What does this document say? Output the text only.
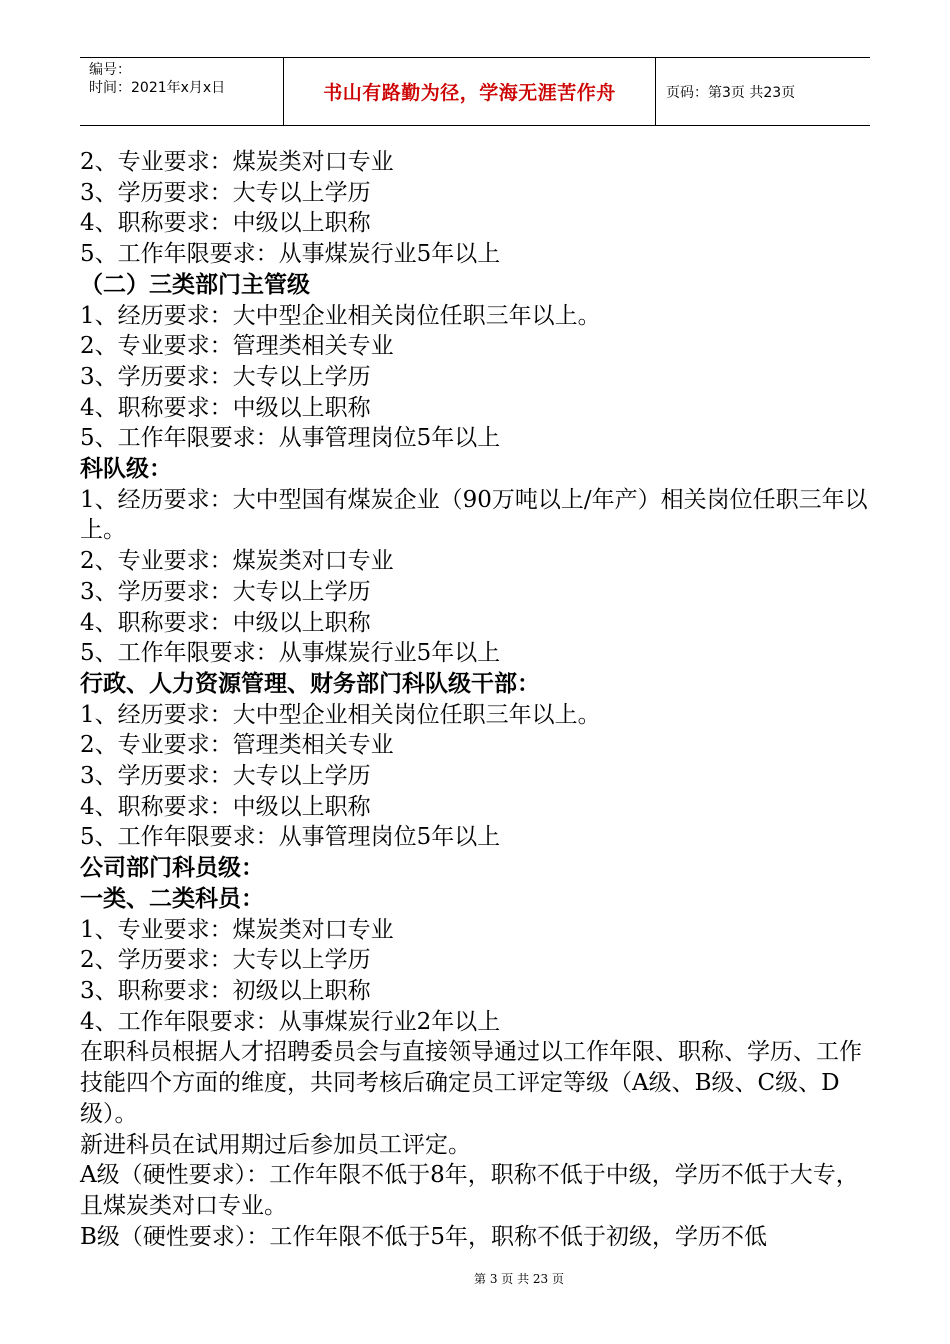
编号：
时间：2021年x月x日	书山有路勤为径，学海无涯苦作舟	页码：第3页 共23页
2、专业要求：煤炭类对口专业
3、学历要求：大专以上学历
4、职称要求：中级以上职称
5、工作年限要求：从事煤炭行业5年以上
（二）三类部门主管级
1、经历要求：大中型企业相关岗位任职三年以上。
2、专业要求：管理类相关专业
3、学历要求：大专以上学历
4、职称要求：中级以上职称
5、工作年限要求：从事管理岗位5年以上
科队级：
1、经历要求：大中型国有煤炭企业（90万吨以上/年产）相关岗位任职三年以上。
2、专业要求：煤炭类对口专业
3、学历要求：大专以上学历
4、职称要求：中级以上职称
5、工作年限要求：从事煤炭行业5年以上
行政、人力资源管理、财务部门科队级干部：
1、经历要求：大中型企业相关岗位任职三年以上。
2、专业要求：管理类相关专业
3、学历要求：大专以上学历
4、职称要求：中级以上职称
5、工作年限要求：从事管理岗位5年以上
公司部门科员级：
一类、二类科员：
1、专业要求：煤炭类对口专业
2、学历要求：大专以上学历
3、职称要求：初级以上职称
4、工作年限要求：从事煤炭行业2年以上
在职科员根据人才招聘委员会与直接领导通过以工作年限、职称、学历、工作技能四个方面的维度，共同考核后确定员工评定等级（A级、B级、C级、D级）。
新进科员在试用期过后参加员工评定。
A级（硬性要求）：工作年限不低于8年，职称不低于中级，学历不低于大专，且煤炭类对口专业。
B级（硬性要求）：工作年限不低于5年，职称不低于初级，学历不低
第 3 页 共 23 页
